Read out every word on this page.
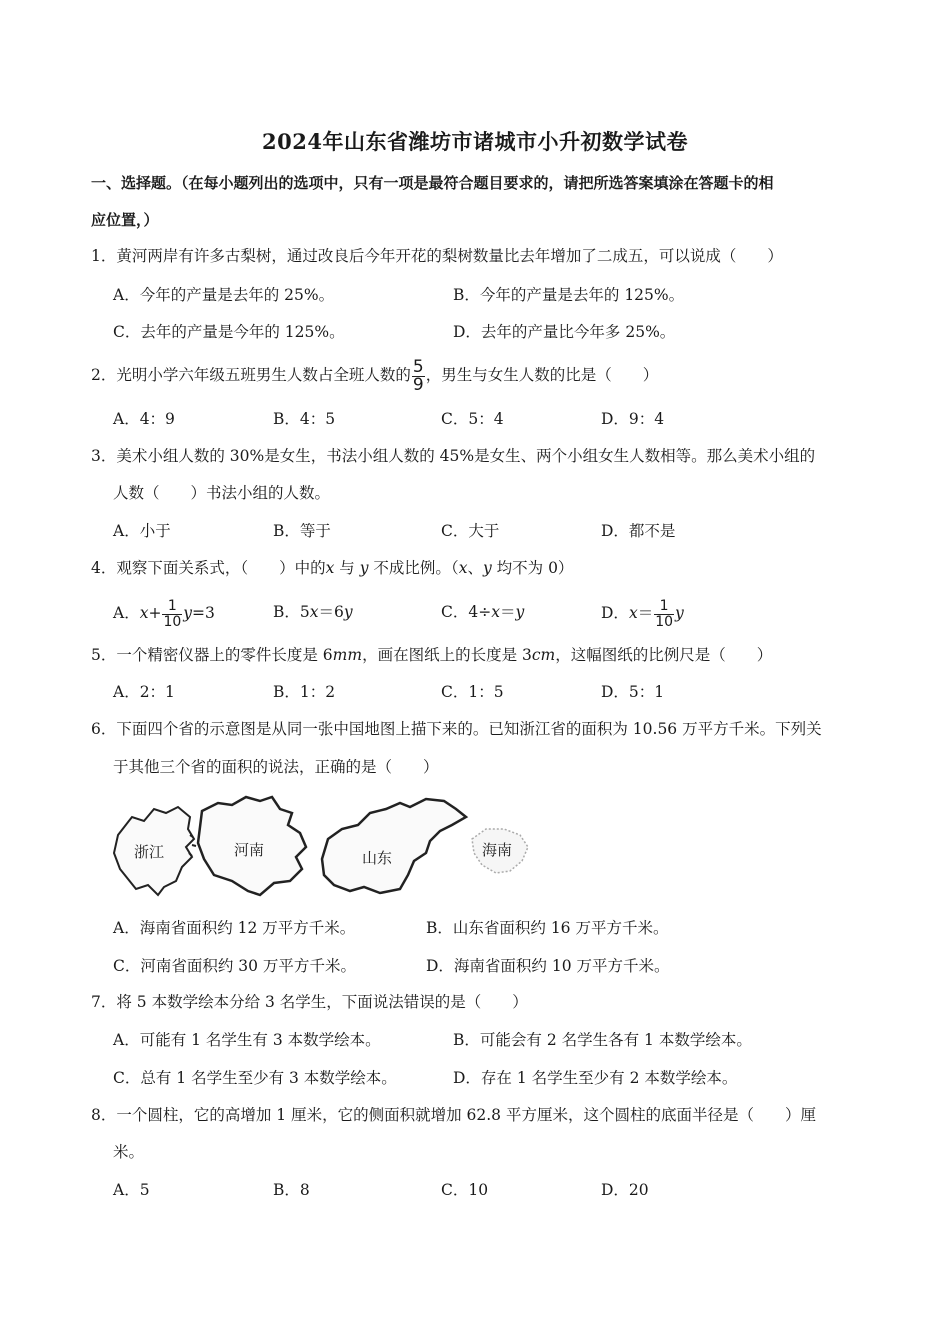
2024年山东省潍坊市诸城市小升初数学试卷
一、选择题。（在每小题列出的选项中，只有一项是最符合题目要求的，请把所选答案填涂在答题卡的相
应位置，）
1．黄河两岸有许多古梨树，通过改良后今年开花的梨树数量比去年增加了二成五，可以说成（　　）
A．今年的产量是去年的 25%。	B．今年的产量是去年的 125%。
C．去年的产量是今年的 125%。	D．去年的产量比今年多 25%。
2．光明小学六年级五班男生人数占全班人数的 $\frac{5}{9}$ ，男生与女生人数的比是（　　）
A．4：9	B．4：5	C．5：4	D．9：4
3．美术小组人数的 30%是女生，书法小组人数的 45%是女生、两个小组女生人数相等。那么美术小组的
人数（　　）书法小组的人数。
A．小于	B．等于	C．大于	D．都不是
4．观察下面关系式，（　　）中的x 与 y 不成比例。（x、y 均不为 0）
A．$x+ \frac{1}{10} y=3$	B．5x＝6y	C．4÷x＝y	D．$x= \frac{1}{10}$ y
5．一个精密仪器上的零件长度是 6mm，画在图纸上的长度是 3cm，这幅图纸的比例尺是（　　）
A．2：1	B．1：2	C．1：5	D．5：1
6．下面四个省的示意图是从同一张中国地图上描下来的。已知浙江省的面积为 10.56 万平方千米。下列关
于其他三个省的面积的说法，正确的是（　　）
浙江	河南	山东	海南
A．海南省面积约 12 万平方千米。	B．山东省面积约 16 万平方千米。
C．河南省面积约 30 万平方千米。	D．海南省面积约 10 万平方千米。
7．将 5 本数学绘本分给 3 名学生，下面说法错误的是（　　）
A．可能有 1 名学生有 3 本数学绘本。	B．可能会有 2 名学生各有 1 本数学绘本。
C．总有 1 名学生至少有 3 本数学绘本。	D．存在 1 名学生至少有 2 本数学绘本。
8．一个圆柱，它的高增加 1 厘米，它的侧面积就增加 62.8 平方厘米，这个圆柱的底面半径是（　　）厘
米。
A．5	B．8	C．10	D．20
